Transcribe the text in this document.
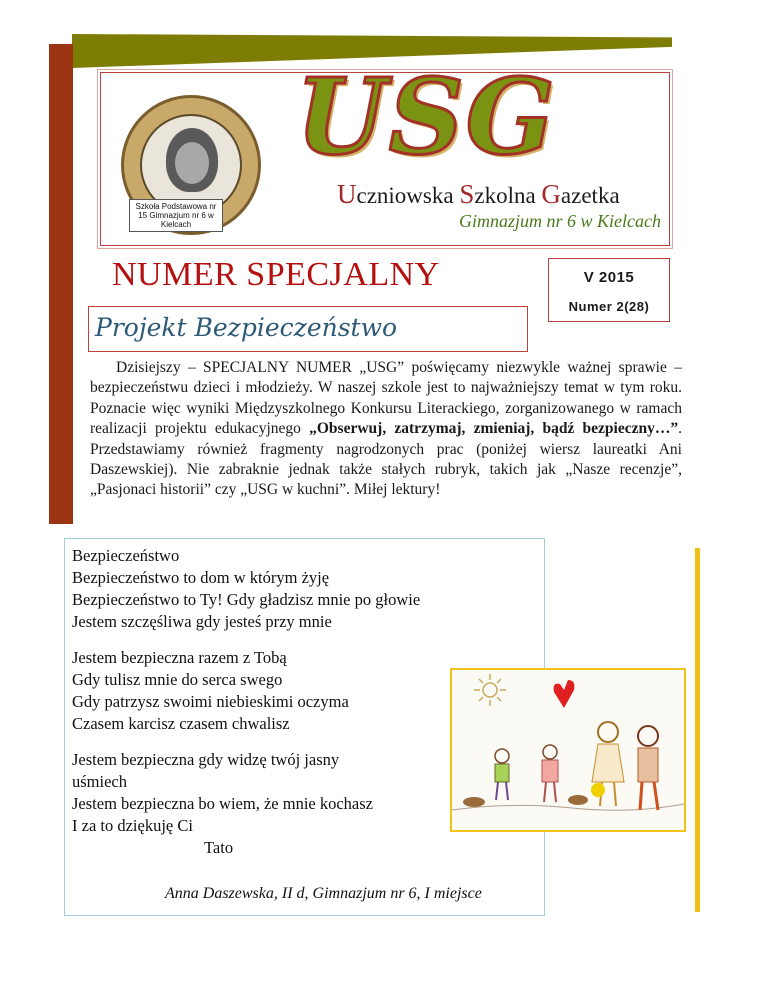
Szkoła Podstawowa nr 15 Gimnazjum nr 6 w Kielcach
USG
Uczniowska Szkolna Gazetka
Gimnazjum nr 6 w Kielcach
NUMER SPECJALNY	V 2015
Numer 2(28)
Projekt Bezpieczeństwo
Dzisiejszy – SPECJALNY NUMER „USG” poświęcamy niezwykle ważnej sprawie – bezpieczeństwu dzieci i młodzieży. W naszej szkole jest to najważniejszy temat w tym roku. Poznacie więc wyniki Międzyszkolnego Konkursu Literackiego, zorganizowanego w ramach realizacji projektu edukacyjnego „Obserwuj, zatrzymaj, zmieniaj, bądź bezpieczny…”. Przedstawiamy również fragmenty nagrodzonych prac (poniżej wiersz laureatki Ani Daszewskiej). Nie zabraknie jednak także stałych rubryk, takich jak „Nasze recenzje”, „Pasjonaci historii” czy „USG w kuchni”. Miłej lektury!
Bezpieczeństwo
Bezpieczeństwo to dom w którym żyję
Bezpieczeństwo to Ty! Gdy gładzisz mnie po głowie
Jestem szczęśliwa gdy jesteś przy mnie
Jestem bezpieczna razem z Tobą
Gdy tulisz mnie do serca swego
Gdy patrzysz swoimi niebieskimi oczyma
Czasem karcisz czasem chwalisz
Jestem bezpieczna gdy widzę twój jasny
uśmiech
Jestem bezpieczna bo wiem, że mnie kochasz
I za to dziękuję Ci
Tato
Anna Daszewska, II d, Gimnazjum nr 6, I miejsce
